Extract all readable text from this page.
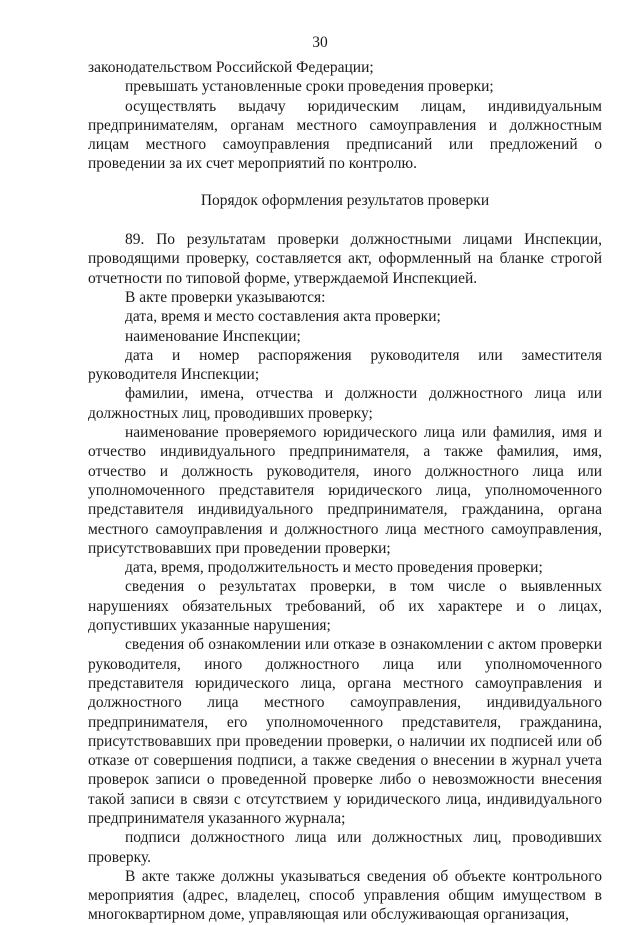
30

законодательством Российской Федерации;

превышать установленные сроки проведения проверки;

осуществлять выдачу юридическим лицам, индивидуальным предпринимателям, органам местного самоуправления и должностным лицам местного самоуправления предписаний или предложений о проведении за их счет мероприятий по контролю.

Порядок оформления результатов проверки

89. По результатам проверки должностными лицами Инспекции, проводящими проверку, составляется акт, оформленный на бланке строгой отчетности по типовой форме, утверждаемой Инспекцией.

В акте проверки указываются:

дата, время и место составления акта проверки;

наименование Инспекции;

дата и номер распоряжения руководителя или заместителя руководителя Инспекции;

фамилии, имена, отчества и должности должностного лица или должностных лиц, проводивших проверку;

наименование проверяемого юридического лица или фамилия, имя и отчество индивидуального предпринимателя, а также фамилия, имя, отчество и должность руководителя, иного должностного лица или уполномоченного представителя юридического лица, уполномоченного представителя индивидуального предпринимателя, гражданина, органа местного самоуправления и должностного лица местного самоуправления, присутствовавших при проведении проверки;

дата, время, продолжительность и место проведения проверки;

сведения о результатах проверки, в том числе о выявленных нарушениях обязательных требований, об их характере и о лицах, допустивших указанные нарушения;

сведения об ознакомлении или отказе в ознакомлении с актом проверки руководителя, иного должностного лица или уполномоченного представителя юридического лица, органа местного самоуправления и должностного лица местного самоуправления, индивидуального предпринимателя, его уполномоченного представителя, гражданина, присутствовавших при проведении проверки, о наличии их подписей или об отказе от совершения подписи, а также сведения о внесении в журнал учета проверок записи о проведенной проверке либо о невозможности внесения такой записи в связи с отсутствием у юридического лица, индивидуального предпринимателя указанного журнала;

подписи должностного лица или должностных лиц, проводивших проверку.

В акте также должны указываться сведения об объекте контрольного мероприятия (адрес, владелец, способ управления общим имуществом в многоквартирном доме, управляющая или обслуживающая организация,
